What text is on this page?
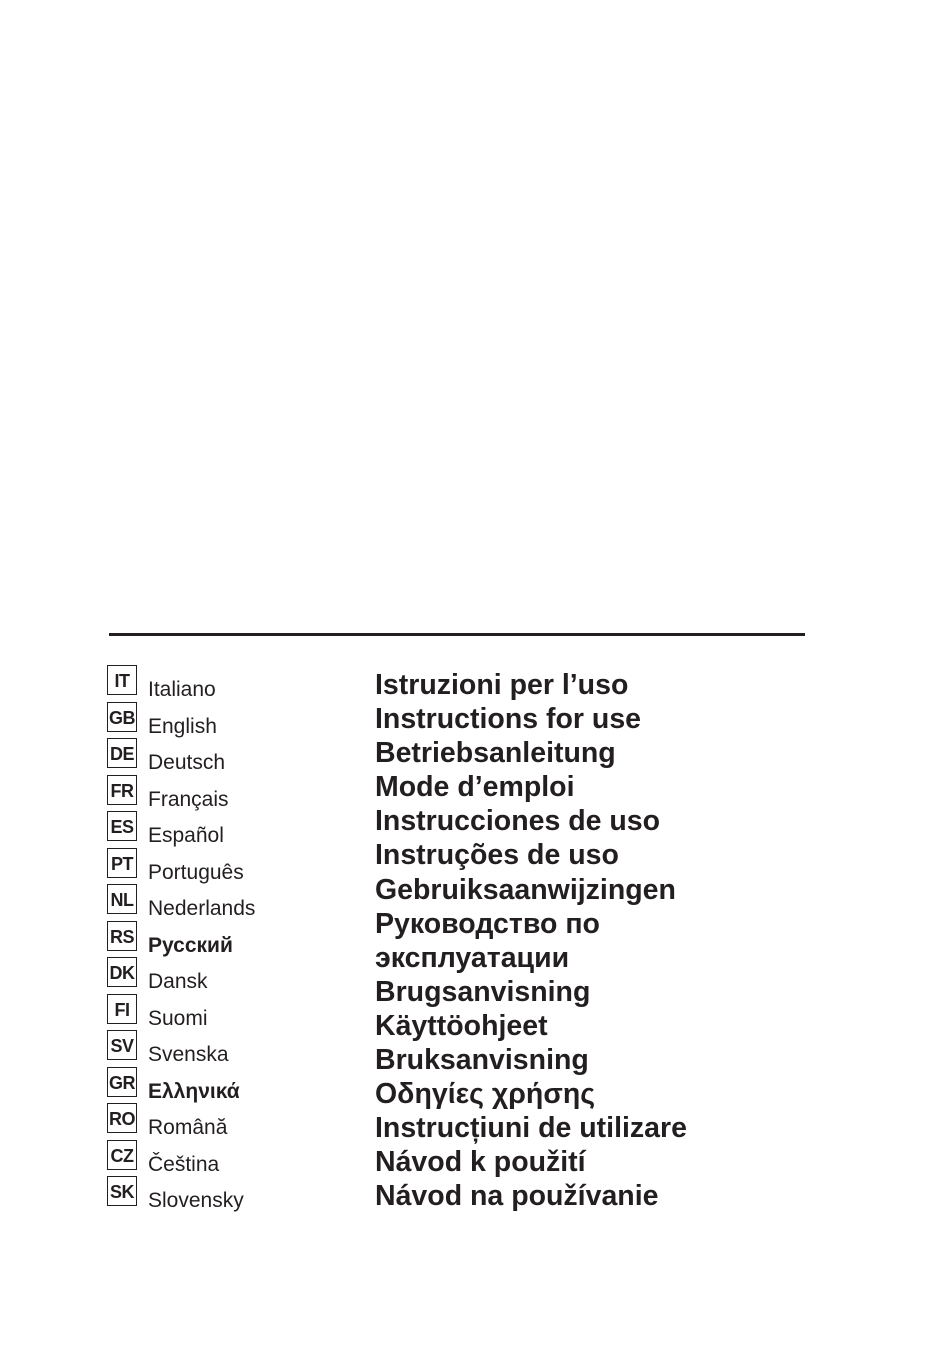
IT Italiano
GB English
DE Deutsch
FR Français
ES Español
PT Português
NL Nederlands
RS Русский
DK Dansk
FI Suomi
SV Svenska
GR Ελληνικά
RO Română
CZ Čeština
SK Slovensky
Istruzioni per l’uso
Instructions for use
Betriebsanleitung
Mode d’emploi
Instrucciones de uso
Instruções de uso
Gebruiksaanwijzingen
Руководство по
эксплуатации
Brugsanvisning
Käyttöohjeet
Bruksanvisning
Οδηγίες χρήσης
Instrucțiuni de utilizare
Návod k použití
Návod na používanie
